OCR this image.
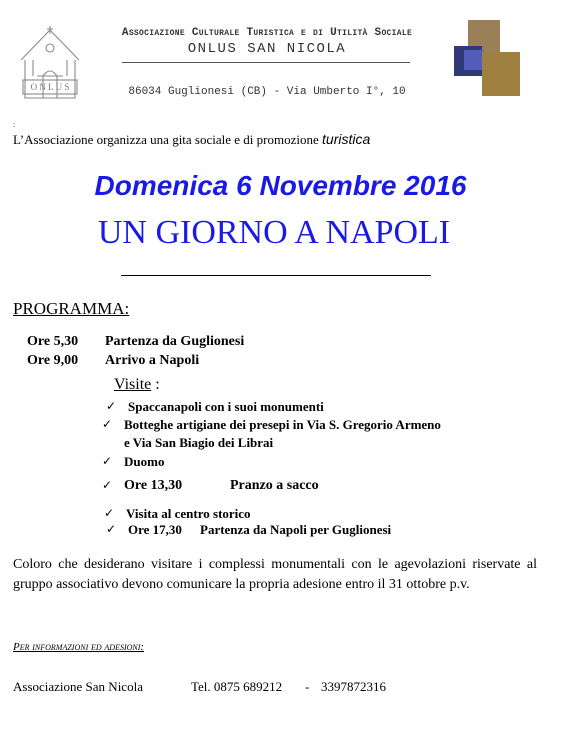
O N L U S
Associazione Culturale Turistica e di Utilità Sociale
ONLUS SAN NICOLA
86034 Guglionesi (CB) - Via Umberto I°, 10
:
L’Associazione organizza una gita sociale e di promozione turistica
Domenica 6 Novembre 2016
UN GIORNO A NAPOLI
PROGRAMMA:
Ore 5,30 Partenza da Guglionesi
Ore 9,00 Arrivo a Napoli
Visite :
✓ Spaccanapoli con i suoi monumenti
✓ Botteghe artigiane dei presepi in Via S. Gregorio Armeno
e Via San Biagio dei Librai
✓ Duomo
✓ Ore 13,30	Pranzo a sacco
✓ Visita al centro storico
✓ Ore 17,30 Partenza da Napoli per Guglionesi
Coloro che desiderano visitare i complessi monumentali con le agevolazioni riservate al gruppo associativo devono comunicare la propria adesione entro il 31 ottobre p.v.
Per informazioni ed adesioni:
Associazione San Nicola	Tel. 0875 689212 - 3397872316
